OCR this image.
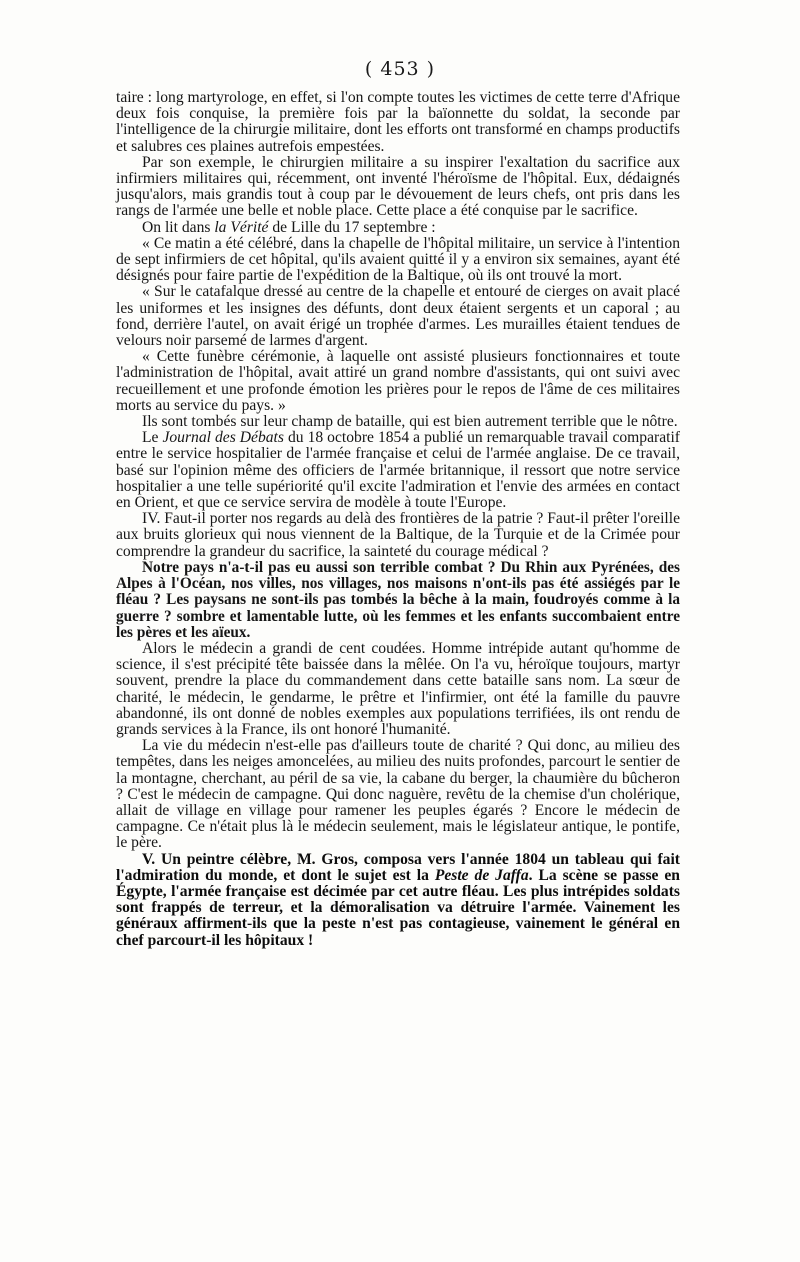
( 453 )

taire : long martyrologe, en effet, si l'on compte toutes les victimes de cette terre d'Afrique deux fois conquise, la première fois par la baïonnette du soldat, la seconde par l'intelligence de la chirurgie militaire, dont les efforts ont transformé en champs productifs et salubres ces plaines autrefois empestées.

Par son exemple, le chirurgien militaire a su inspirer l'exaltation du sacrifice aux infirmiers militaires qui, récemment, ont inventé l'héroïsme de l'hôpital. Eux, dédaignés jusqu'alors, mais grandis tout à coup par le dévouement de leurs chefs, ont pris dans les rangs de l'armée une belle et noble place. Cette place a été conquise par le sacrifice.

On lit dans la Vérité de Lille du 17 septembre :

« Ce matin a été célébré, dans la chapelle de l'hôpital militaire, un service à l'intention de sept infirmiers de cet hôpital, qu'ils avaient quitté il y a environ six semaines, ayant été désignés pour faire partie de l'expédition de la Baltique, où ils ont trouvé la mort.

« Sur le catafalque dressé au centre de la chapelle et entouré de cierges on avait placé les uniformes et les insignes des défunts, dont deux étaient sergents et un caporal ; au fond, derrière l'autel, on avait érigé un trophée d'armes. Les murailles étaient tendues de velours noir parsemé de larmes d'argent.

« Cette funèbre cérémonie, à laquelle ont assisté plusieurs fonctionnaires et toute l'administration de l'hôpital, avait attiré un grand nombre d'assistants, qui ont suivi avec recueillement et une profonde émotion les prières pour le repos de l'âme de ces militaires morts au service du pays. »

Ils sont tombés sur leur champ de bataille, qui est bien autrement terrible que le nôtre.

Le Journal des Débats du 18 octobre 1854 a publié un remarquable travail comparatif entre le service hospitalier de l'armée française et celui de l'armée anglaise. De ce travail, basé sur l'opinion même des officiers de l'armée britannique, il ressort que notre service hospitalier a une telle supériorité qu'il excite l'admiration et l'envie des armées en contact en Orient, et que ce service servira de modèle à toute l'Europe.

IV. Faut-il porter nos regards au delà des frontières de la patrie ? Faut-il prêter l'oreille aux bruits glorieux qui nous viennent de la Baltique, de la Turquie et de la Crimée pour comprendre la grandeur du sacrifice, la sainteté du courage médical ?

Notre pays n'a-t-il pas eu aussi son terrible combat ? Du Rhin aux Pyrénées, des Alpes à l'Océan, nos villes, nos villages, nos maisons n'ont-ils pas été assiégés par le fléau ? Les paysans ne sont-ils pas tombés la bêche à la main, foudroyés comme à la guerre ? sombre et lamentable lutte, où les femmes et les enfants succombaient entre les pères et les aïeux.

Alors le médecin a grandi de cent coudées. Homme intrépide autant qu'homme de science, il s'est précipité tête baissée dans la mêlée. On l'a vu, héroïque toujours, martyr souvent, prendre la place du commandement dans cette bataille sans nom. La sœur de charité, le médecin, le gendarme, le prêtre et l'infirmier, ont été la famille du pauvre abandonné, ils ont donné de nobles exemples aux populations terrifiées, ils ont rendu de grands services à la France, ils ont honoré l'humanité.

La vie du médecin n'est-elle pas d'ailleurs toute de charité ? Qui donc, au milieu des tempêtes, dans les neiges amoncelées, au milieu des nuits profondes, parcourt le sentier de la montagne, cherchant, au péril de sa vie, la cabane du berger, la chaumière du bûcheron ? C'est le médecin de campagne. Qui donc naguère, revêtu de la chemise d'un cholérique, allait de village en village pour ramener les peuples égarés ? Encore le médecin de campagne. Ce n'était plus là le médecin seulement, mais le législateur antique, le pontife, le père.

V. Un peintre célèbre, M. Gros, composa vers l'année 1804 un tableau qui fait l'admiration du monde, et dont le sujet est la Peste de Jaffa. La scène se passe en Égypte, l'armée française est décimée par cet autre fléau. Les plus intrépides soldats sont frappés de terreur, et la démoralisation va détruire l'armée. Vainement les généraux affirment-ils que la peste n'est pas contagieuse, vainement le général en chef parcourt-il les hôpitaux !
